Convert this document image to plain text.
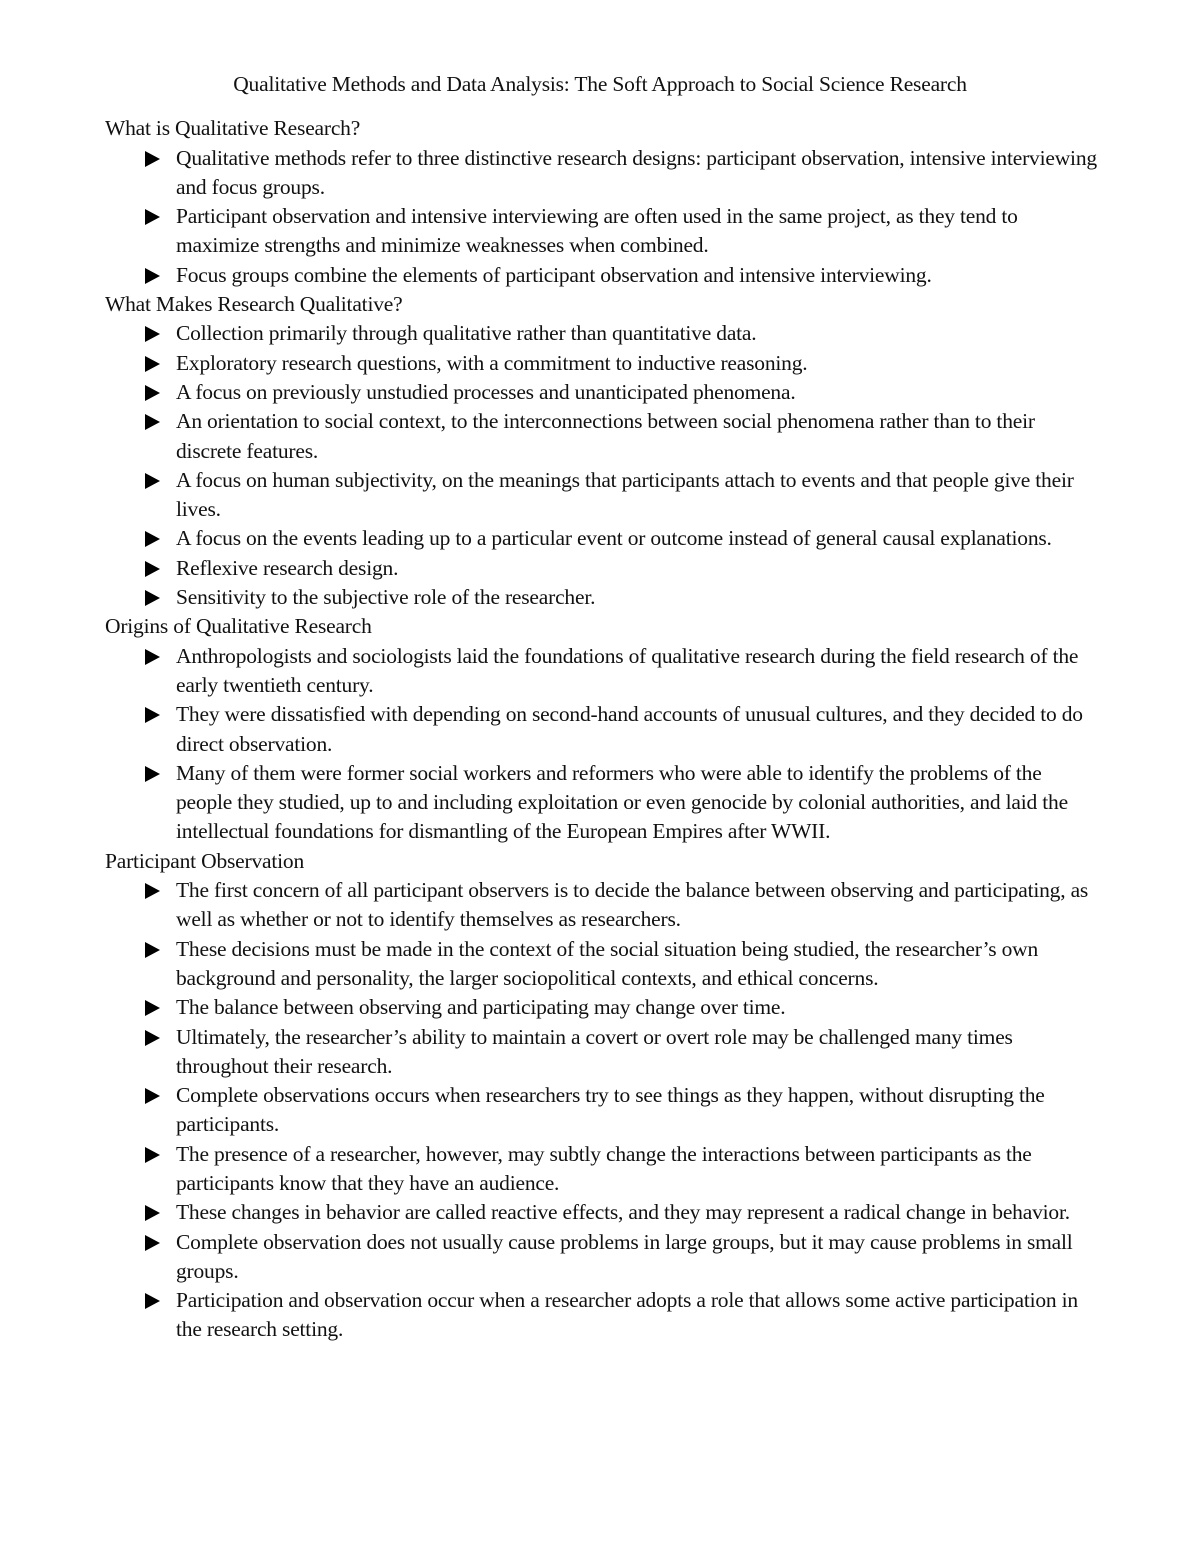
Qualitative Methods and Data Analysis: The Soft Approach to Social Science Research
What is Qualitative Research?
Qualitative methods refer to three distinctive research designs: participant observation, intensive interviewing and focus groups.
Participant observation and intensive interviewing are often used in the same project, as they tend to maximize strengths and minimize weaknesses when combined.
Focus groups combine the elements of participant observation and intensive interviewing.
What Makes Research Qualitative?
Collection primarily through qualitative rather than quantitative data.
Exploratory research questions, with a commitment to inductive reasoning.
A focus on previously unstudied processes and unanticipated phenomena.
An orientation to social context, to the interconnections between social phenomena rather than to their discrete features.
A focus on human subjectivity, on the meanings that participants attach to events and that people give their lives.
A focus on the events leading up to a particular event or outcome instead of general causal explanations.
Reflexive research design.
Sensitivity to the subjective role of the researcher.
Origins of Qualitative Research
Anthropologists and sociologists laid the foundations of qualitative research during the field research of the early twentieth century.
They were dissatisfied with depending on second-hand accounts of unusual cultures, and they decided to do direct observation.
Many of them were former social workers and reformers who were able to identify the problems of the people they studied, up to and including exploitation or even genocide by colonial authorities, and laid the intellectual foundations for dismantling of the European Empires after WWII.
Participant Observation
The first concern of all participant observers is to decide the balance between observing and participating, as well as whether or not to identify themselves as researchers.
These decisions must be made in the context of the social situation being studied, the researcher’s own background and personality, the larger sociopolitical contexts, and ethical concerns.
The balance between observing and participating may change over time.
Ultimately, the researcher’s ability to maintain a covert or overt role may be challenged many times throughout their research.
Complete observations occurs when researchers try to see things as they happen, without disrupting the participants.
The presence of a researcher, however, may subtly change the interactions between participants as the participants know that they have an audience.
These changes in behavior are called reactive effects, and they may represent a radical change in behavior.
Complete observation does not usually cause problems in large groups, but it may cause problems in small groups.
Participation and observation occur when a researcher adopts a role that allows some active participation in the research setting.
